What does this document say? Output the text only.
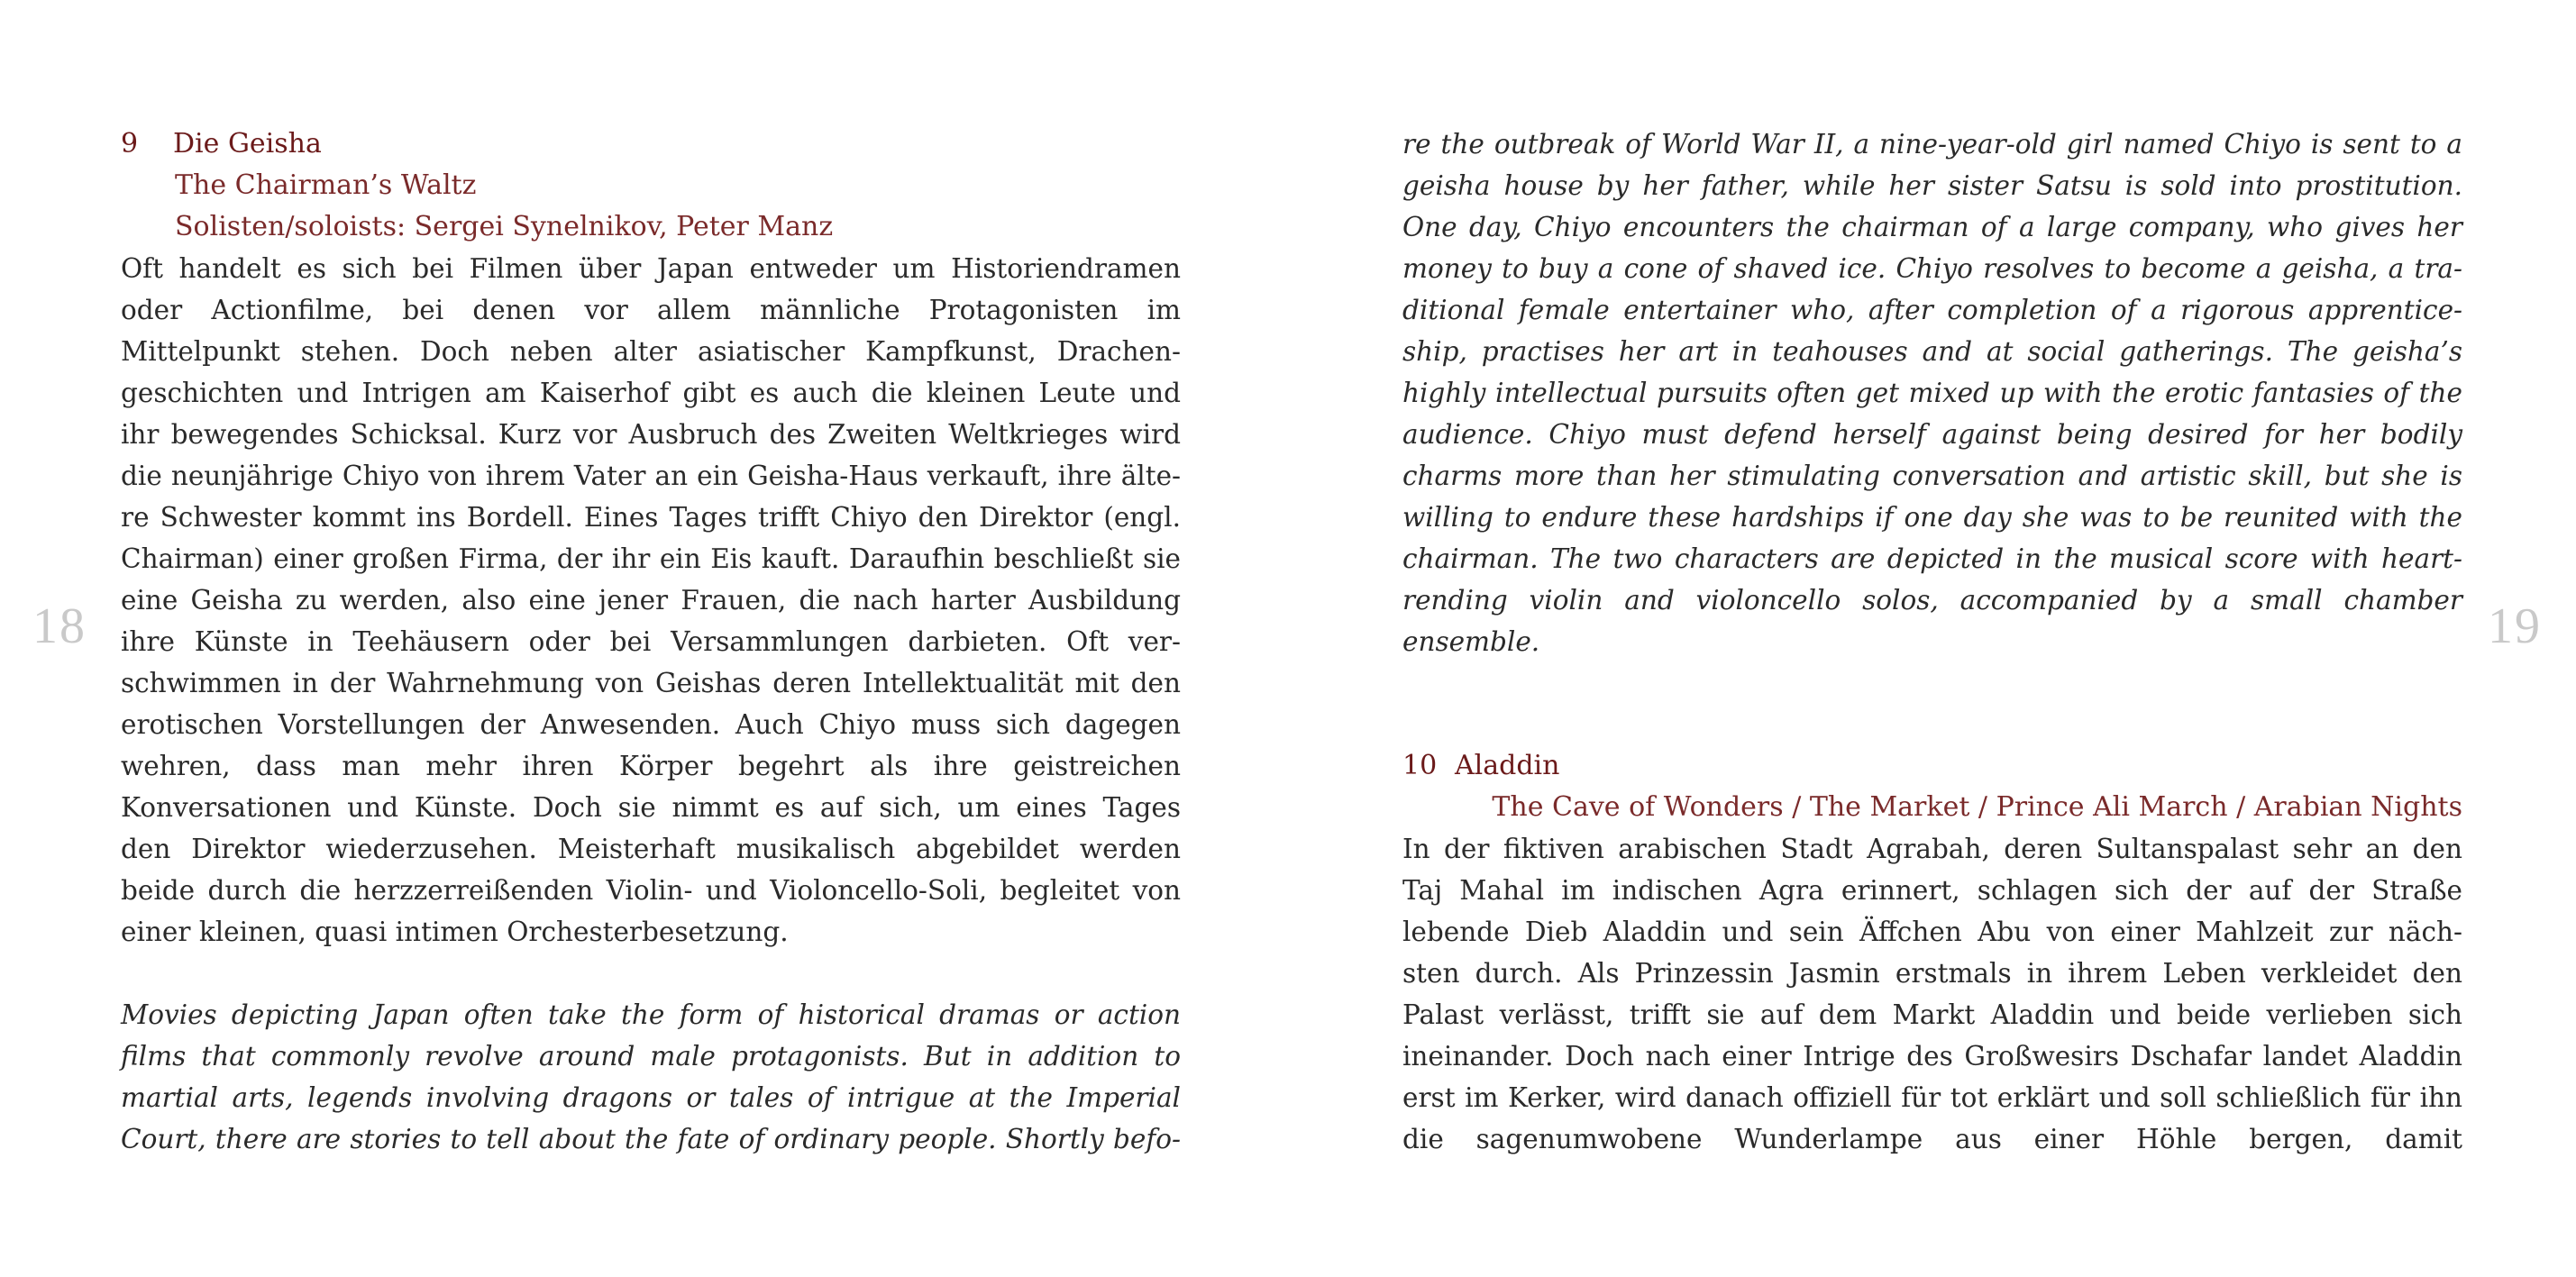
18	19
9 Die Geisha
The Chairman’s Waltz
Solisten/soloists: Sergei Synelnikov, Peter Manz
Oft handelt es sich bei Filmen über Japan entweder um Historiendramen
oder Actionfilme, bei denen vor allem männliche Protagonisten im
Mittelpunkt stehen. Doch neben alter asiatischer Kampfkunst, Drachen-
geschichten und Intrigen am Kaiserhof gibt es auch die kleinen Leute und
ihr bewegendes Schicksal. Kurz vor Ausbruch des Zweiten Weltkrieges wird
die neunjährige Chiyo von ihrem Vater an ein Geisha-Haus verkauft, ihre älte-
re Schwester kommt ins Bordell. Eines Tages trifft Chiyo den Direktor (engl.
Chairman) einer großen Firma, der ihr ein Eis kauft. Daraufhin beschließt sie
eine Geisha zu werden, also eine jener Frauen, die nach harter Ausbildung
ihre Künste in Teehäusern oder bei Versammlungen darbieten. Oft ver-
schwimmen in der Wahrnehmung von Geishas deren Intellektualität mit den
erotischen Vorstellungen der Anwesenden. Auch Chiyo muss sich dagegen
wehren, dass man mehr ihren Körper begehrt als ihre geistreichen
Konversationen und Künste. Doch sie nimmt es auf sich, um eines Tages
den Direktor wiederzusehen. Meisterhaft musikalisch abgebildet werden
beide durch die herzzerreißenden Violin- und Violoncello-Soli, begleitet von
einer kleinen, quasi intimen Orchesterbesetzung.
Movies depicting Japan often take the form of historical dramas or action
films that commonly revolve around male protagonists. But in addition to
martial arts, legends involving dragons or tales of intrigue at the Imperial
Court, there are stories to tell about the fate of ordinary people. Shortly befo-
re the outbreak of World War II, a nine-year-old girl named Chiyo is sent to a
geisha house by her father, while her sister Satsu is sold into prostitution.
One day, Chiyo encounters the chairman of a large company, who gives her
money to buy a cone of shaved ice. Chiyo resolves to become a geisha, a tra-
ditional female entertainer who, after completion of a rigorous apprentice-
ship, practises her art in teahouses and at social gatherings. The geisha’s
highly intellectual pursuits often get mixed up with the erotic fantasies of the
audience. Chiyo must defend herself against being desired for her bodily
charms more than her stimulating conversation and artistic skill, but she is
willing to endure these hardships if one day she was to be reunited with the
chairman. The two characters are depicted in the musical score with heart-
rending violin and violoncello solos, accompanied by a small chamber
ensemble.
10 Aladdin
The Cave of Wonders / The Market / Prince Ali March / Arabian Nights
In der fiktiven arabischen Stadt Agrabah, deren Sultanspalast sehr an den
Taj Mahal im indischen Agra erinnert, schlagen sich der auf der Straße
lebende Dieb Aladdin und sein Äffchen Abu von einer Mahlzeit zur näch-
sten durch. Als Prinzessin Jasmin erstmals in ihrem Leben verkleidet den
Palast verlässt, trifft sie auf dem Markt Aladdin und beide verlieben sich
ineinander. Doch nach einer Intrige des Großwesirs Dschafar landet Aladdin
erst im Kerker, wird danach offiziell für tot erklärt und soll schließlich für ihn
die sagenumwobene Wunderlampe aus einer Höhle bergen, damit
